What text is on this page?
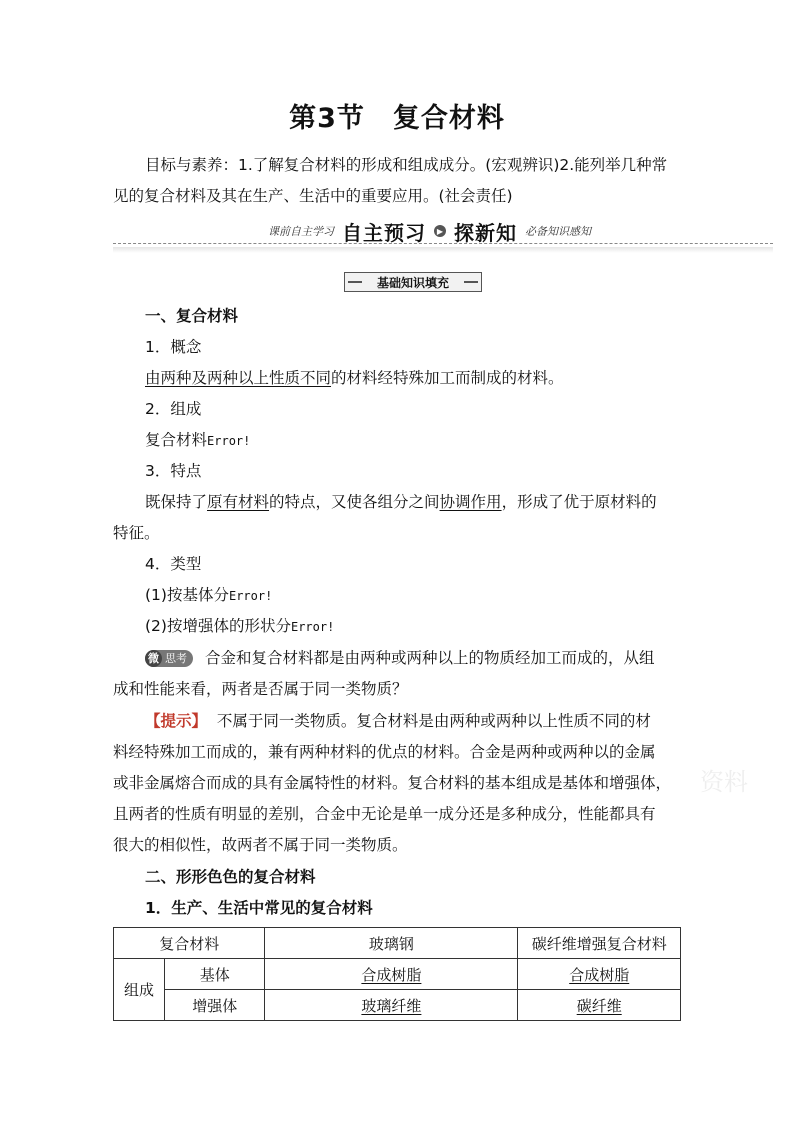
第3节　复合材料
目标与素养：1.了解复合材料的形成和组成成分。(宏观辨识)2.能列举几种常
见的复合材料及其在生产、生活中的重要应用。(社会责任)
课前自主学习 自主预习	▶ 探新知 必备知识感知
基础知识填充
一、复合材料
1．概念
由两种及两种以上性质不同的材料经特殊加工而制成的材料。
2．组成
复合材料Error!
3．特点
既保持了原有材料的特点，又使各组分之间协调作用，形成了优于原材料的
特征。
4．类型
(1)按基体分Error!
(2)按增强体的形状分Error!
微 思考 合金和复合材料都是由两种或两种以上的物质经加工而成的，从组
成和性能来看，两者是否属于同一类物质？
【提示】 不属于同一类物质。复合材料是由两种或两种以上性质不同的材
料经特殊加工而成的，兼有两种材料的优点的材料。合金是两种或两种以的金属
或非金属熔合而成的具有金属特性的材料。复合材料的基本组成是基体和增强体，
且两者的性质有明显的差别，合金中无论是单一成分还是多种成分，性能都具有
很大的相似性，故两者不属于同一类物质。
资料
二、形形色色的复合材料
1．生产、生活中常见的复合材料
复合材料		玻璃钢	碳纤维增强复合材料
组成	基体	合成树脂	合成树脂
	增强体	玻璃纤维	碳纤维
